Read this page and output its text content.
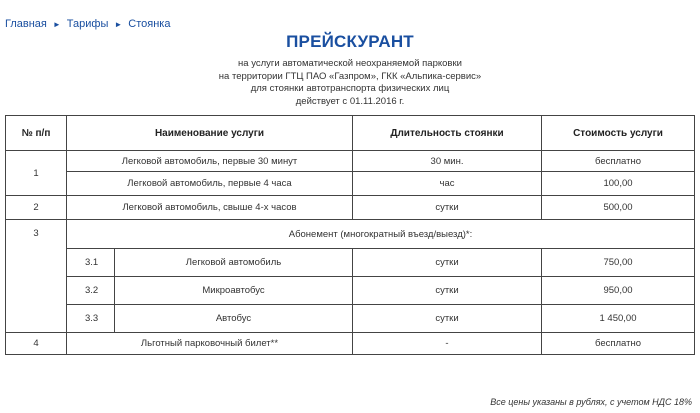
Главная ► Тарифы ► Стоянка
ПРЕЙСКУРАНТ
на услуги автоматической неохраняемой парковки
на территории ГТЦ ПАО «Газпром», ГКК «Альпика-сервис»
для стоянки автотранспорта физических лиц
действует с 01.11.2016 г.
№ п/п	Наименование услуги		Длительность стоянки	Стоимость услуги
1	Легковой автомобиль, первые 30 минут		30 мин.	бесплатно
	Легковой автомобиль, первые 4 часа		час	100,00
2	Легковой автомобиль, свыше 4-х часов		сутки	500,00
3	Абонемент (многократный въезд/выезд)*:			
	3.1	Легковой автомобиль	сутки	750,00
	3.2	Микроавтобус	сутки	950,00
	3.3	Автобус	сутки	1 450,00
4	Льготный парковочный билет**		-	бесплатно
Все цены указаны в рублях, с учетом НДС 18%
